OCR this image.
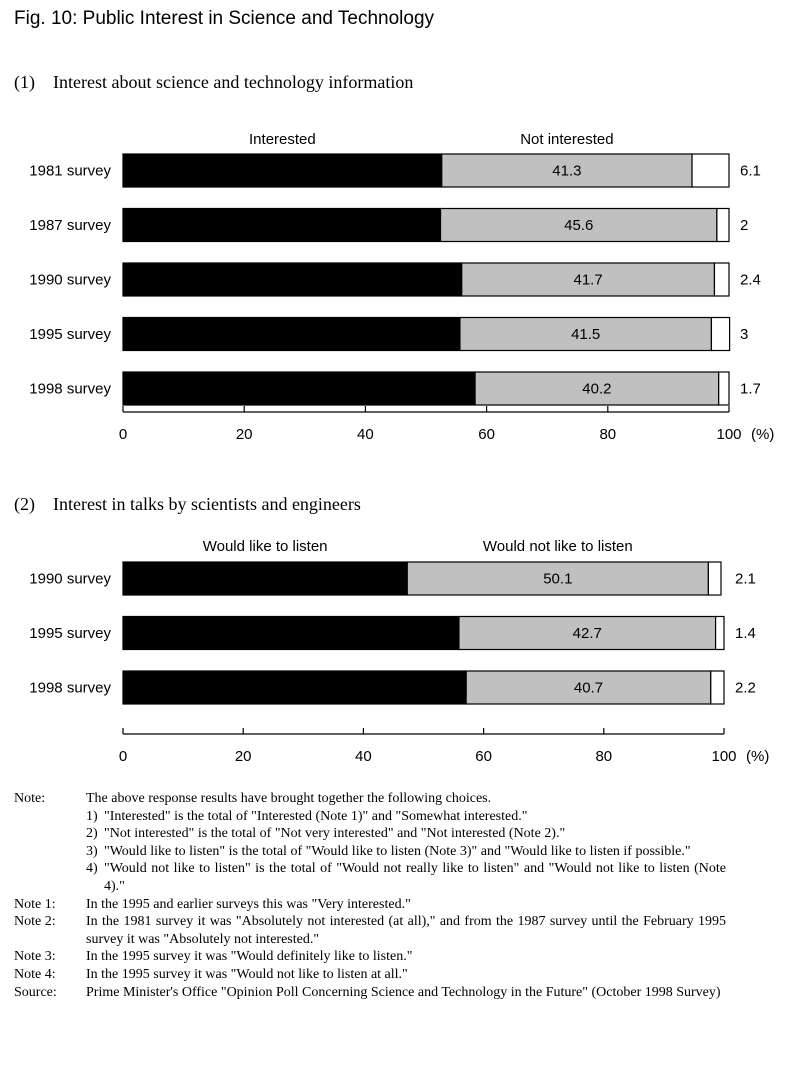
Fig. 10: Public Interest in Science and Technology
(1) Interest about science and technology information
Interested	Not interested
1981 survey	52.6	41.3	6.1
1987 survey	52.4	45.6	2
1990 survey	55.9	41.7	2.4
1995 survey	55.6	41.5	3
1998 survey	58.1	40.2	1.7
0	20	40	60	80	100 (%)
(2) Interest in talks by scientists and engineers
Would like to listen	Would not like to listen
1990 survey	47.3	50.1	2.1
1995 survey	55.9	42.7	1.4
1998 survey	57.1	40.7	2.2
0	20	40	60	80	100 (%)
Note:	The above response results have brought together the following choices.
1) "Interested" is the total of "Interested (Note 1)" and "Somewhat interested."
2) "Not interested" is the total of "Not very interested" and "Not interested (Note 2)."
3) "Would like to listen" is the total of "Would like to listen (Note 3)" and "Would like to listen if possible."
4) "Would not like to listen" is the total of "Would not really like to listen" and "Would not like to listen (Note 4)."
Note 1:	In the 1995 and earlier surveys this was "Very interested."
Note 2:	In the 1981 survey it was "Absolutely not interested (at all)," and from the 1987 survey until the February 1995 survey it was "Absolutely not interested."
Note 3:	In the 1995 survey it was "Would definitely like to listen."
Note 4:	In the 1995 survey it was "Would not like to listen at all."
Source:	Prime Minister's Office "Opinion Poll Concerning Science and Technology in the Future" (October 1998 Survey)
